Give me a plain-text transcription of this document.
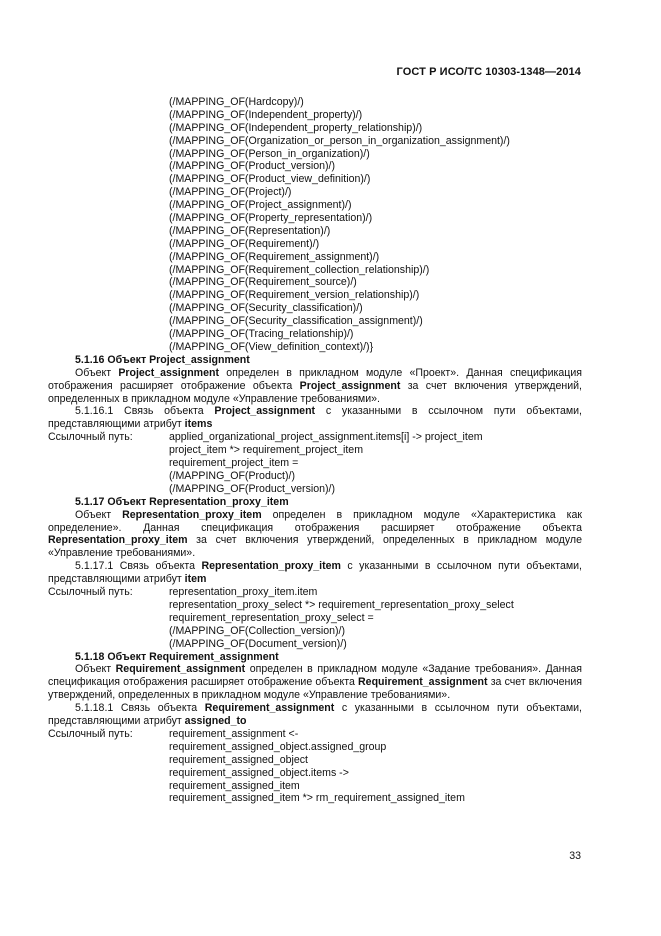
ГОСТ Р ИСО/ТС 10303-1348—2014
(/MAPPING_OF(Hardcopy)/)
(/MAPPING_OF(Independent_property)/)
(/MAPPING_OF(Independent_property_relationship)/)
(/MAPPING_OF(Organization_or_person_in_organization_assignment)/)
(/MAPPING_OF(Person_in_organization)/)
(/MAPPING_OF(Product_version)/)
(/MAPPING_OF(Product_view_definition)/)
(/MAPPING_OF(Project)/)
(/MAPPING_OF(Project_assignment)/)
(/MAPPING_OF(Property_representation)/)
(/MAPPING_OF(Representation)/)
(/MAPPING_OF(Requirement)/)
(/MAPPING_OF(Requirement_assignment)/)
(/MAPPING_OF(Requirement_collection_relationship)/)
(/MAPPING_OF(Requirement_source)/)
(/MAPPING_OF(Requirement_version_relationship)/)
(/MAPPING_OF(Security_classification)/)
(/MAPPING_OF(Security_classification_assignment)/)
(/MAPPING_OF(Tracing_relationship)/)
(/MAPPING_OF(View_definition_context)/)}
5.1.16 Объект Project_assignment
Объект Project_assignment определен в прикладном модуле «Проект». Данная спецификация отображения расширяет отображение объекта Project_assignment за счет включения утверждений, определенных в прикладном модуле «Управление требованиями».
5.1.16.1 Связь объекта Project_assignment с указанными в ссылочном пути объектами, представляющими атрибут items
Ссылочный путь:	applied_organizational_project_assignment.items[i] -> project_item
project_item *> requirement_project_item
requirement_project_item =
(/MAPPING_OF(Product)/)
(/MAPPING_OF(Product_version)/)
5.1.17 Объект Representation_proxy_item
Объект Representation_proxy_item определен в прикладном модуле «Характеристика как определение». Данная спецификация отображения расширяет отображение объекта Representation_proxy_item за счет включения утверждений, определенных в прикладном модуле «Управление требованиями».
5.1.17.1 Связь объекта Representation_proxy_item с указанными в ссылочном пути объектами, представляющими атрибут item
Ссылочный путь:	representation_proxy_item.item
representation_proxy_select *> requirement_representation_proxy_select
requirement_representation_proxy_select =
(/MAPPING_OF(Collection_version)/)
(/MAPPING_OF(Document_version)/)
5.1.18 Объект Requirement_assignment
Объект Requirement_assignment определен в прикладном модуле «Задание требования». Данная спецификация отображения расширяет отображение объекта Requirement_assignment за счет включения утверждений, определенных в прикладном модуле «Управление требованиями».
5.1.18.1 Связь объекта Requirement_assignment с указанными в ссылочном пути объектами, представляющими атрибут assigned_to
Ссылочный путь:	requirement_assignment <-
requirement_assigned_object.assigned_group
requirement_assigned_object
requirement_assigned_object.items ->
requirement_assigned_item
requirement_assigned_item *> rm_requirement_assigned_item
33
